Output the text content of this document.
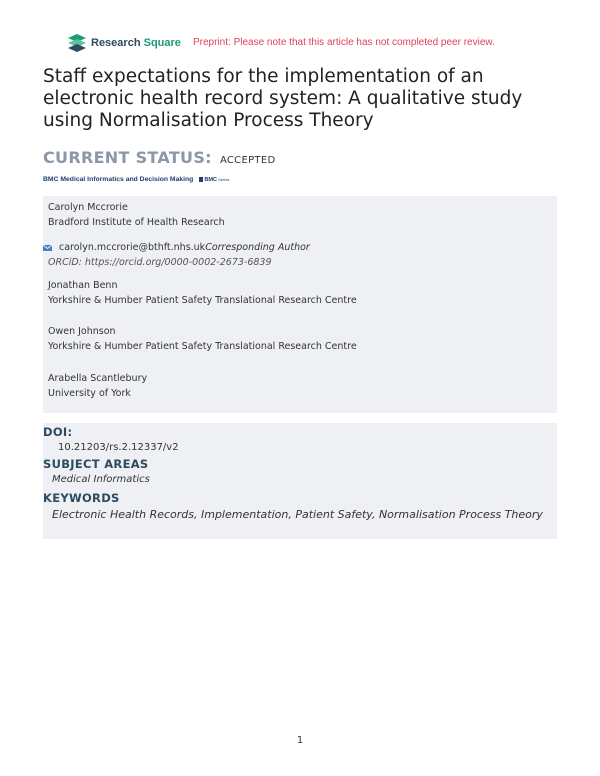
Research Square Preprint: Please note that this article has not completed peer review.
Staff expectations for the implementation of an electronic health record system: A qualitative study using Normalisation Process Theory
CURRENT STATUS: ACCEPTED
BMC Medical Informatics and Decision Making BMC Series
Carolyn Mccrorie
Bradford Institute of Health Research
carolyn.mccrorie@bthft.nhs.uk Corresponding Author
ORCiD: https://orcid.org/0000-0002-2673-6839
Jonathan Benn
Yorkshire & Humber Patient Safety Translational Research Centre
Owen Johnson
Yorkshire & Humber Patient Safety Translational Research Centre
Arabella Scantlebury
University of York
DOI:
10.21203/rs.2.12337/v2
SUBJECT AREAS
Medical Informatics
KEYWORDS
Electronic Health Records, Implementation, Patient Safety, Normalisation Process Theory
1
